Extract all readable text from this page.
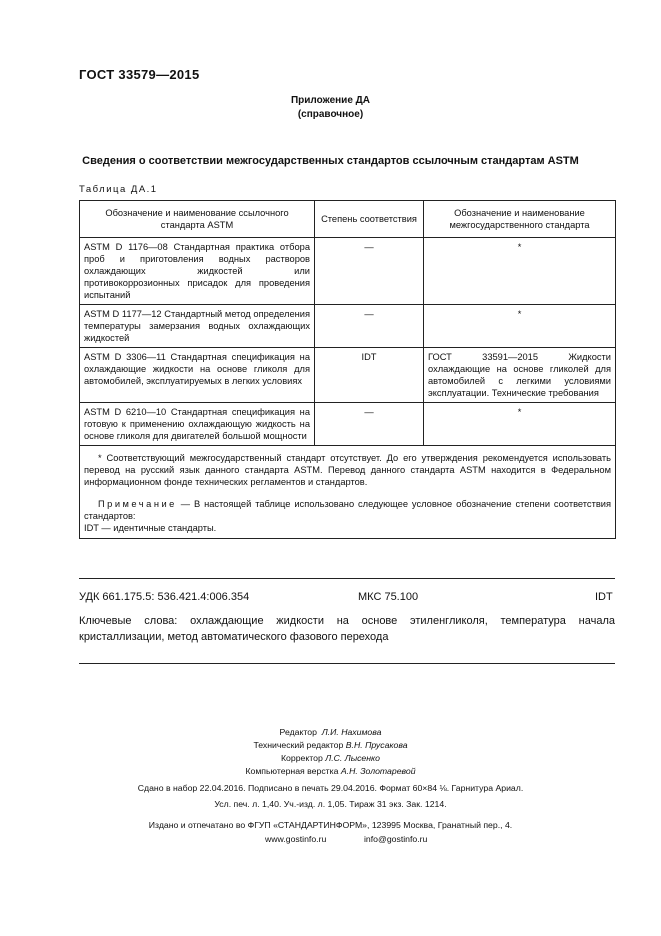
ГОСТ 33579—2015
Приложение ДА
(справочное)
Сведения о соответствии межгосударственных стандартов ссылочным стандартам ASTM
Таблица ДА.1
Обозначение и наименование ссылочного стандарта ASTM	Степень соответствия	Обозначение и наименование межгосударственного стандарта
ASTM D 1176—08 Стандартная практика отбора проб и приготовления водных растворов охлаждающих жидкостей или противокоррозионных присадок для проведения испытаний	—	*
ASTM D 1177—12 Стандартный метод определения температуры замерзания водных охлаждающих жидкостей	—	*
ASTM D 3306—11 Стандартная спецификация на охлаждающие жидкости на основе гликоля для автомобилей, эксплуатируемых в легких условиях	IDT	ГОСТ 33591—2015 Жидкости охлаждающие на основе гликолей для автомобилей с легкими условиями эксплуатации. Технические требования
ASTM D 6210—10 Стандартная спецификация на готовую к применению охлаждающую жидкость на основе гликоля для двигателей большой мощности	—	*

* Соответствующий межгосударственный стандарт отсутствует. До его утверждения рекомендуется использовать перевод на русский язык данного стандарта ASTM. Перевод данного стандарта ASTM находится в Федеральном информационном фонде технических регламентов и стандартов.

Примечание — В настоящей таблице использовано следующее условное обозначение степени соответствия стандартов:
IDT — идентичные стандарты.		

УДК 661.175.5: 536.421.4:006.354	МКС 75.100	IDT
Ключевые слова: охлаждающие жидкости на основе этиленгликоля, температура начала кристаллизации, метод автоматического фазового перехода
Редактор Л.И. Нахимова
Технический редактор В.Н. Прусакова
Корректор Л.С. Лысенко
Компьютерная верстка А.Н. Золотаревой
Сдано в набор 22.04.2016. Подписано в печать 29.04.2016. Формат 60×84 ⅛. Гарнитура Ариал.
Усл. печ. л. 1,40. Уч.-изд. л. 1,05. Тираж 31 экз. Зак. 1214.
Издано и отпечатано во ФГУП «СТАНДАРТИНФОРМ», 123995 Москва, Гранатный пер., 4.
www.gostinfo.ru	info@gostinfo.ru
